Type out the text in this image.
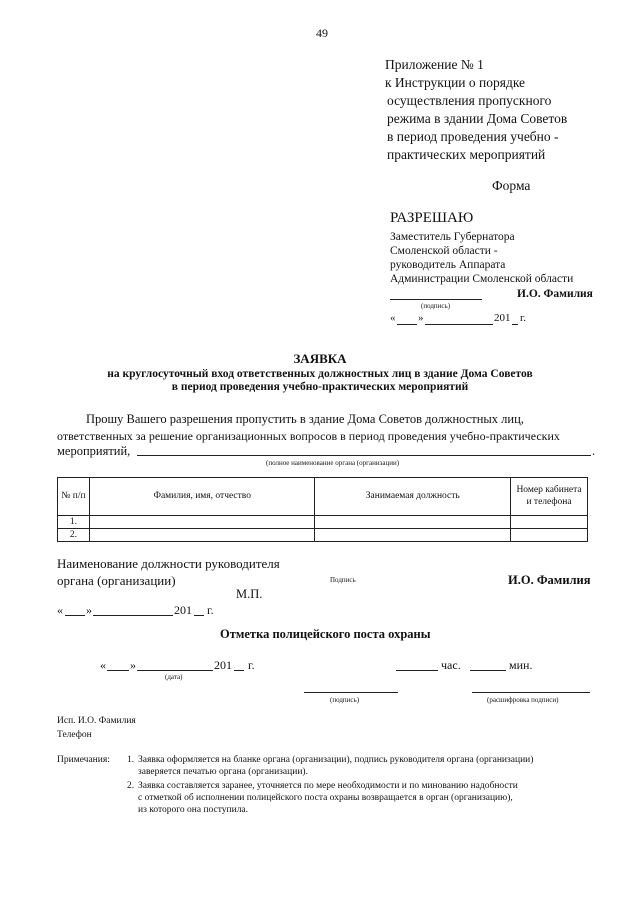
49
Приложение № 1
к Инструкции о порядке
осуществления пропускного
режима в здании Дома Советов
в период проведения учебно -
практических мероприятий
Форма
РАЗРЕШАЮ
Заместитель Губернатора
Смоленской области -
руководитель Аппарата
Администрации Смоленской области
И.О. Фамилия
(подпись)
« »	201 г.
ЗАЯВКА
на круглосуточный вход ответственных должностных лиц в здание Дома Советов
в период проведения учебно-практических мероприятий
Прошу Вашего разрешения пропустить в здание Дома Советов должностных лиц,
ответственных за решение организационных вопросов в период проведения учебно-практических
мероприятий,	.
(полное наименование органа (организации)
№ п/п	Фамилия, имя, отчество	Занимаемая должность	Номер кабинета и телефона
1.			
2.			
Наименование должности руководителя
органа (организации)	Подпись	И.О. Фамилия
М.П.
« »	201 г.
Отметка полицейского поста охраны
« »	201 г.
(дата)
час.	мин.
(подпись)	(расшифровка подписи)
Исп. И.О. Фамилия
Телефон
Примечания: 1. Заявка оформляется на бланке органа (организации), подпись руководителя органа (организации)
заверяется печатью органа (организации).
2. Заявка составляется заранее, уточняется по мере необходимости и по минованию надобности
с отметкой об исполнении полицейского поста охраны возвращается в орган (организацию),
из которого она поступила.
